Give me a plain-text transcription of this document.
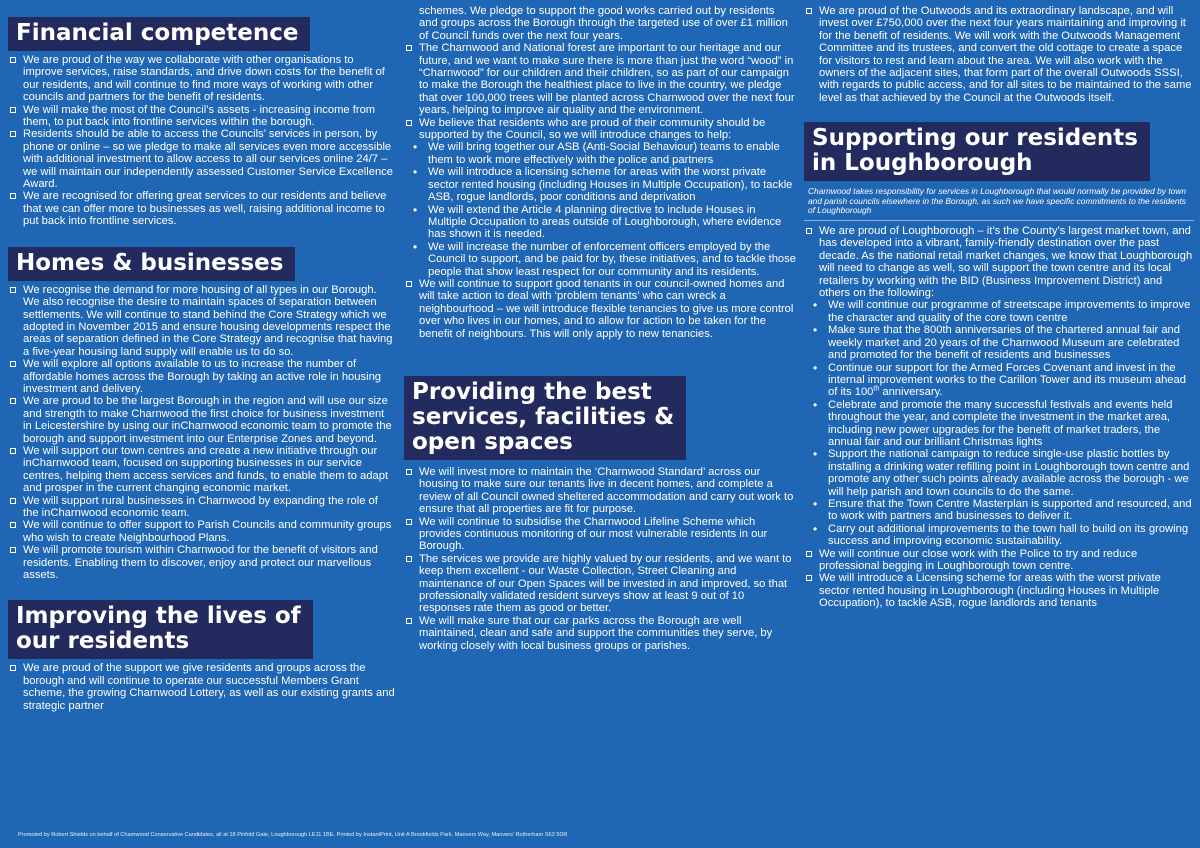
Financial competence
We are proud of the way we collaborate with other organisations to improve services, raise standards, and drive down costs for the benefit of our residents, and will continue to find more ways of working with other councils and partners for the benefit of residents.
We will make the most of the Council’s assets - increasing income from them, to put back into frontline services within the borough.
Residents should be able to access the Councils’ services in person, by phone or online – so we pledge to make all services even more accessible with additional investment to allow access to all our services online 24/7 – we will maintain our independently assessed Customer Service Excellence Award.
We are recognised for offering great services to our residents and believe that we can offer more to businesses as well, raising additional income to put back into frontline services.
Homes & businesses
We recognise the demand for more housing of all types in our Borough. We also recognise the desire to maintain spaces of separation between settlements. We will continue to stand behind the Core Strategy which we adopted in November 2015 and ensure housing developments respect the areas of separation defined in the Core Strategy and recognise that having a five-year housing land supply will enable us to do so.
We will explore all options available to us to increase the number of affordable homes across the Borough by taking an active role in housing investment and delivery.
We are proud to be the largest Borough in the region and will use our size and strength to make Charnwood the first choice for business investment in Leicestershire by using our inCharnwood economic team to promote the borough and support investment into our Enterprise Zones and beyond.
We will support our town centres and create a new initiative through our inCharnwood team, focused on supporting businesses in our service centres, helping them access services and funds, to enable them to adapt and prosper in the current changing economic market.
We will support rural businesses in Charnwood by expanding the role of the inCharnwood economic team.
We will continue to offer support to Parish Councils and community groups who wish to create Neighbourhood Plans.
We will promote tourism within Charnwood for the benefit of visitors and residents. Enabling them to discover, enjoy and protect our marvellous assets.
Improving the lives of
our residents
We are proud of the support we give residents and groups across the borough and will continue to operate our successful Members Grant scheme, the growing Charnwood Lottery, as well as our existing grants and strategic partner
schemes. We pledge to support the good works carried out by residents and groups across the Borough through the targeted use of over £1 million of Council funds over the next four years.
The Charnwood and National forest are important to our heritage and our future, and we want to make sure there is more than just the word “wood” in “Charnwood” for our children and their children, so as part of our campaign to make the Borough the healthiest place to live in the country, we pledge that over 100,000 trees will be planted across Charnwood over the next four years, helping to improve air quality and the environment.
We believe that residents who are proud of their community should be supported by the Council, so we will introduce changes to help:
• We will bring together our ASB (Anti-Social Behaviour) teams to enable them to work more effectively with the police and partners
• We will introduce a licensing scheme for areas with the worst private sector rented housing (including Houses in Multiple Occupation), to tackle ASB, rogue landlords, poor conditions and deprivation
• We will extend the Article 4 planning directive to include Houses in Multiple Occupation to areas outside of Loughborough, where evidence has shown it is needed.
• We will increase the number of enforcement officers employed by the Council to support, and be paid for by, these initiatives, and to tackle those people that show least respect for our community and its residents.
We will continue to support good tenants in our council-owned homes and will take action to deal with ‘problem tenants’ who can wreck a neighbourhood – we will introduce flexible tenancies to give us more control over who lives in our homes, and to allow for action to be taken for the benefit of neighbours. This will only apply to new tenancies.
Providing the best
services, facilities &
open spaces
We will invest more to maintain the ‘Charnwood Standard’ across our housing to make sure our tenants live in decent homes, and complete a review of all Council owned sheltered accommodation and carry out work to ensure that all properties are fit for purpose.
We will continue to subsidise the Charnwood Lifeline Scheme which provides continuous monitoring of our most vulnerable residents in our Borough.
The services we provide are highly valued by our residents, and we want to keep them excellent - our Waste Collection, Street Cleaning and maintenance of our Open Spaces will be invested in and improved, so that professionally validated resident surveys show at least 9 out of 10 responses rate them as good or better.
We will make sure that our car parks across the Borough are well maintained, clean and safe and support the communities they serve, by working closely with local business groups or parishes.
We are proud of the Outwoods and its extraordinary landscape, and will invest over £750,000 over the next four years maintaining and improving it for the benefit of residents. We will work with the Outwoods Management Committee and its trustees, and convert the old cottage to create a space for visitors to rest and learn about the area. We will also work with the owners of the adjacent sites, that form part of the overall Outwoods SSSI, with regards to public access, and for all sites to be maintained to the same level as that achieved by the Council at the Outwoods itself.
Supporting our residents
in Loughborough
Charnwood takes responsibility for services in Loughborough that would normally be provided by town and parish councils elsewhere in the Borough, as such we have specific commitments to the residents of Loughborough
We are proud of Loughborough – it’s the County’s largest market town, and has developed into a vibrant, family-friendly destination over the past decade. As the national retail market changes, we know that Loughborough will need to change as well, so will support the town centre and its local retailers by working with the BID (Business Improvement District) and others on the following:
• We will continue our programme of streetscape improvements to improve the character and quality of the core town centre
• Make sure that the 800th anniversaries of the chartered annual fair and weekly market and 20 years of the Charnwood Museum are celebrated and promoted for the benefit of residents and businesses
• Continue our support for the Armed Forces Covenant and invest in the internal improvement works to the Carillon Tower and its museum ahead of its 100th anniversary.
• Celebrate and promote the many successful festivals and events held throughout the year, and complete the investment in the market area, including new power upgrades for the benefit of market traders, the annual fair and our brilliant Christmas lights
• Support the national campaign to reduce single-use plastic bottles by installing a drinking water refilling point in Loughborough town centre and promote any other such points already available across the borough - we will help parish and town councils to do the same.
• Ensure that the Town Centre Masterplan is supported and resourced, and to work with partners and businesses to deliver it.
• Carry out additional improvements to the town hall to build on its growing success and improving economic sustainability.
We will continue our close work with the Police to try and reduce professional begging in Loughborough town centre.
We will introduce a Licensing scheme for areas with the worst private sector rented housing in Loughborough (including Houses in Multiple Occupation), to tackle ASB, rogue landlords and tenants
Promoted by Robert Shields on behalf of Charnwood Conservative Candidates, all at 18 Pinfold Gate, Loughborough LE11 1BE. Printed by InstantPrint, Unit A Brookfields Park, Manvers Way, Manvers' Rotherham S63 5DR
